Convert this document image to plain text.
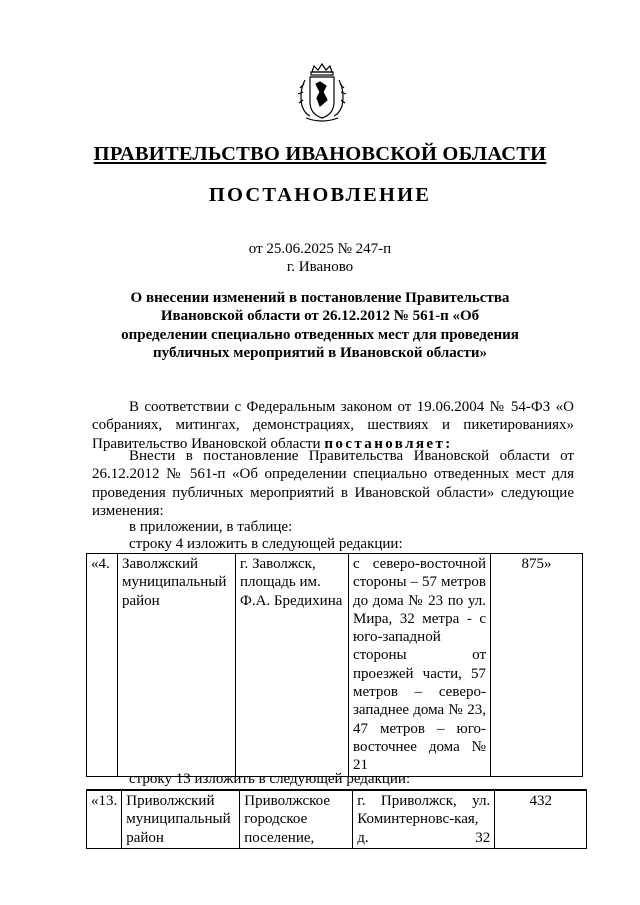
ПРАВИТЕЛЬСТВО ИВАНОВСКОЙ ОБЛАСТИ
ПОСТАНОВЛЕНИЕ
от 25.06.2025 № 247-п
г. Иваново
О внесении изменений в постановление Правительства Ивановской области от 26.12.2012 № 561-п «Об определении специально отведенных мест для проведения публичных мероприятий в Ивановской области»
В соответствии с Федеральным законом от 19.06.2004 № 54-ФЗ «О собраниях, митингах, демонстрациях, шествиях и пикетированиях» Правительство Ивановской области постановляет:
Внести в постановление Правительства Ивановской области от 26.12.2012 № 561-п «Об определении специально отведенных мест для проведения публичных мероприятий в Ивановской области» следующие изменения:
в приложении, в таблице:
строку 4 изложить в следующей редакции:
«4.	Заволжский муниципальный район	г. Заволжск, площадь им. Ф.А. Бредихина	с северо-восточной стороны – 57 метров до дома № 23 по ул. Мира, 32 метра - с юго-западной стороны от проезжей части, 57 метров – северо-западнее дома № 23, 47 метров – юго-восточнее дома № 21	875»
строку 13 изложить в следующей редакции:
«13.	Приволжский муниципальный район	Приволжское городское поселение,	г. Приволжск, ул. Коминтерновс-кая, д. 32	432
